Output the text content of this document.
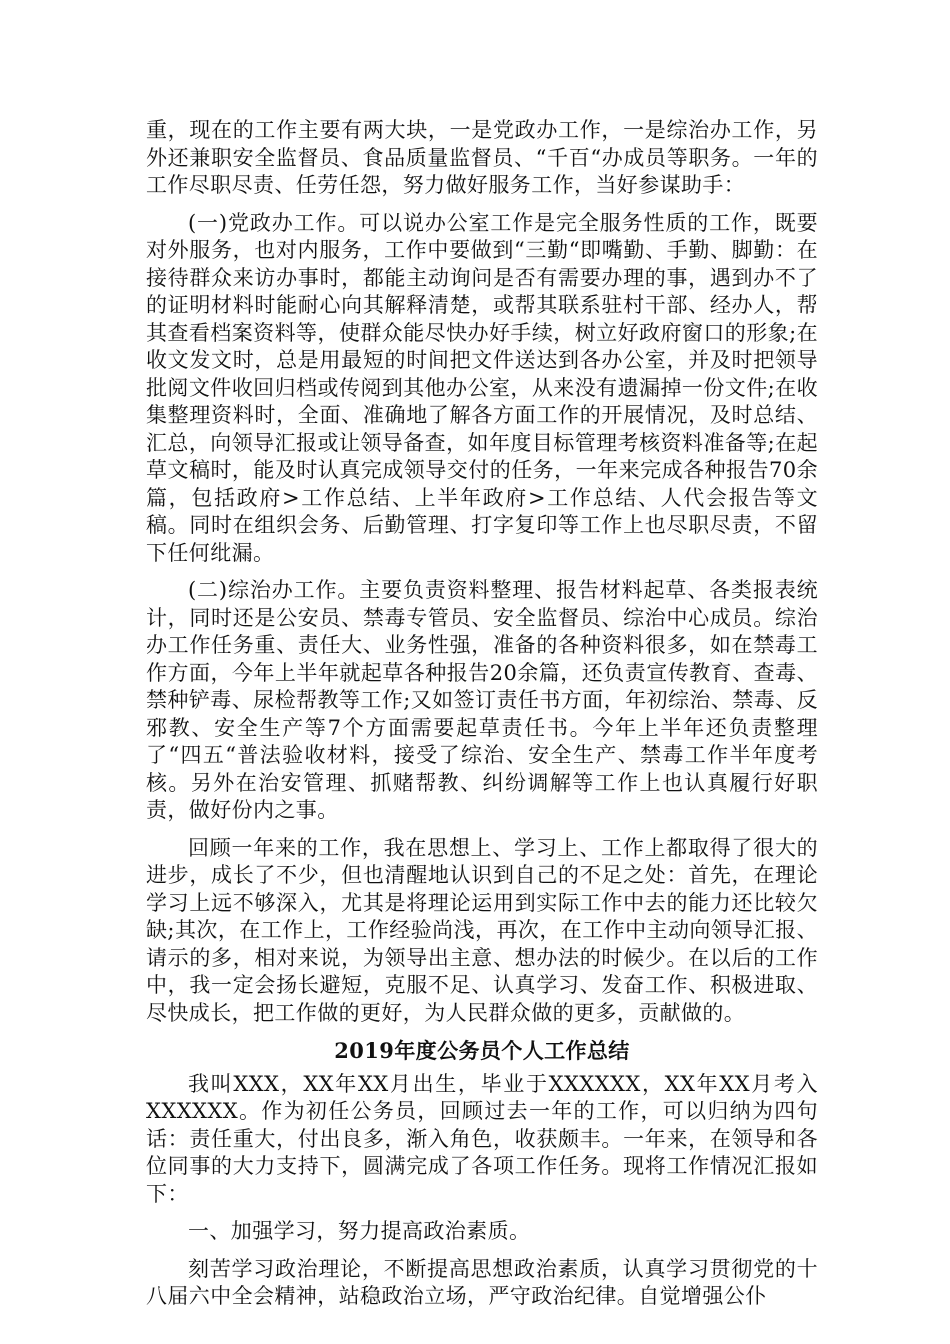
重，现在的工作主要有两大块，一是党政办工作，一是综治办工作，另外还兼职安全监督员、食品质量监督员、“千百“办成员等职务。一年的工作尽职尽责、任劳任怨，努力做好服务工作，当好参谋助手：

(一)党政办工作。可以说办公室工作是完全服务性质的工作，既要对外服务，也对内服务，工作中要做到“三勤“即嘴勤、手勤、脚勤：在接待群众来访办事时，都能主动询问是否有需要办理的事，遇到办不了的证明材料时能耐心向其解释清楚，或帮其联系驻村干部、经办人，帮其查看档案资料等，使群众能尽快办好手续，树立好政府窗口的形象;在收文发文时，总是用最短的时间把文件送达到各办公室，并及时把领导批阅文件收回归档或传阅到其他办公室，从来没有遗漏掉一份文件;在收集整理资料时，全面、准确地了解各方面工作的开展情况，及时总结、汇总，向领导汇报或让领导备查，如年度目标管理考核资料准备等;在起草文稿时，能及时认真完成领导交付的任务，一年来完成各种报告70余篇，包括政府>工作总结、上半年政府>工作总结、人代会报告等文稿。同时在组织会务、后勤管理、打字复印等工作上也尽职尽责，不留下任何纰漏。

(二)综治办工作。主要负责资料整理、报告材料起草、各类报表统计，同时还是公安员、禁毒专管员、安全监督员、综治中心成员。综治办工作任务重、责任大、业务性强，准备的各种资料很多，如在禁毒工作方面，今年上半年就起草各种报告20余篇，还负责宣传教育、查毒、禁种铲毒、尿检帮教等工作;又如签订责任书方面，年初综治、禁毒、反邪教、安全生产等7个方面需要起草责任书。今年上半年还负责整理了“四五“普法验收材料，接受了综治、安全生产、禁毒工作半年度考核。另外在治安管理、抓赌帮教、纠纷调解等工作上也认真履行好职责，做好份内之事。

回顾一年来的工作，我在思想上、学习上、工作上都取得了很大的进步，成长了不少，但也清醒地认识到自己的不足之处：首先，在理论学习上远不够深入，尤其是将理论运用到实际工作中去的能力还比较欠缺;其次，在工作上，工作经验尚浅，再次，在工作中主动向领导汇报、请示的多，相对来说，为领导出主意、想办法的时候少。在以后的工作中，我一定会扬长避短，克服不足、认真学习、发奋工作、积极进取、尽快成长，把工作做的更好，为人民群众做的更多，贡献做的。

2019年度公务员个人工作总结

我叫XXX，XX年XX月出生，毕业于XXXXXX，XX年XX月考入XXXXXX。作为初任公务员，回顾过去一年的工作，可以归纳为四句话：责任重大，付出良多，渐入角色，收获颇丰。一年来，在领导和各位同事的大力支持下，圆满完成了各项工作任务。现将工作情况汇报如下：

一、加强学习，努力提高政治素质。

刻苦学习政治理论，不断提高思想政治素质，认真学习贯彻党的十八届六中全会精神，站稳政治立场，严守政治纪律。自觉增强公仆
